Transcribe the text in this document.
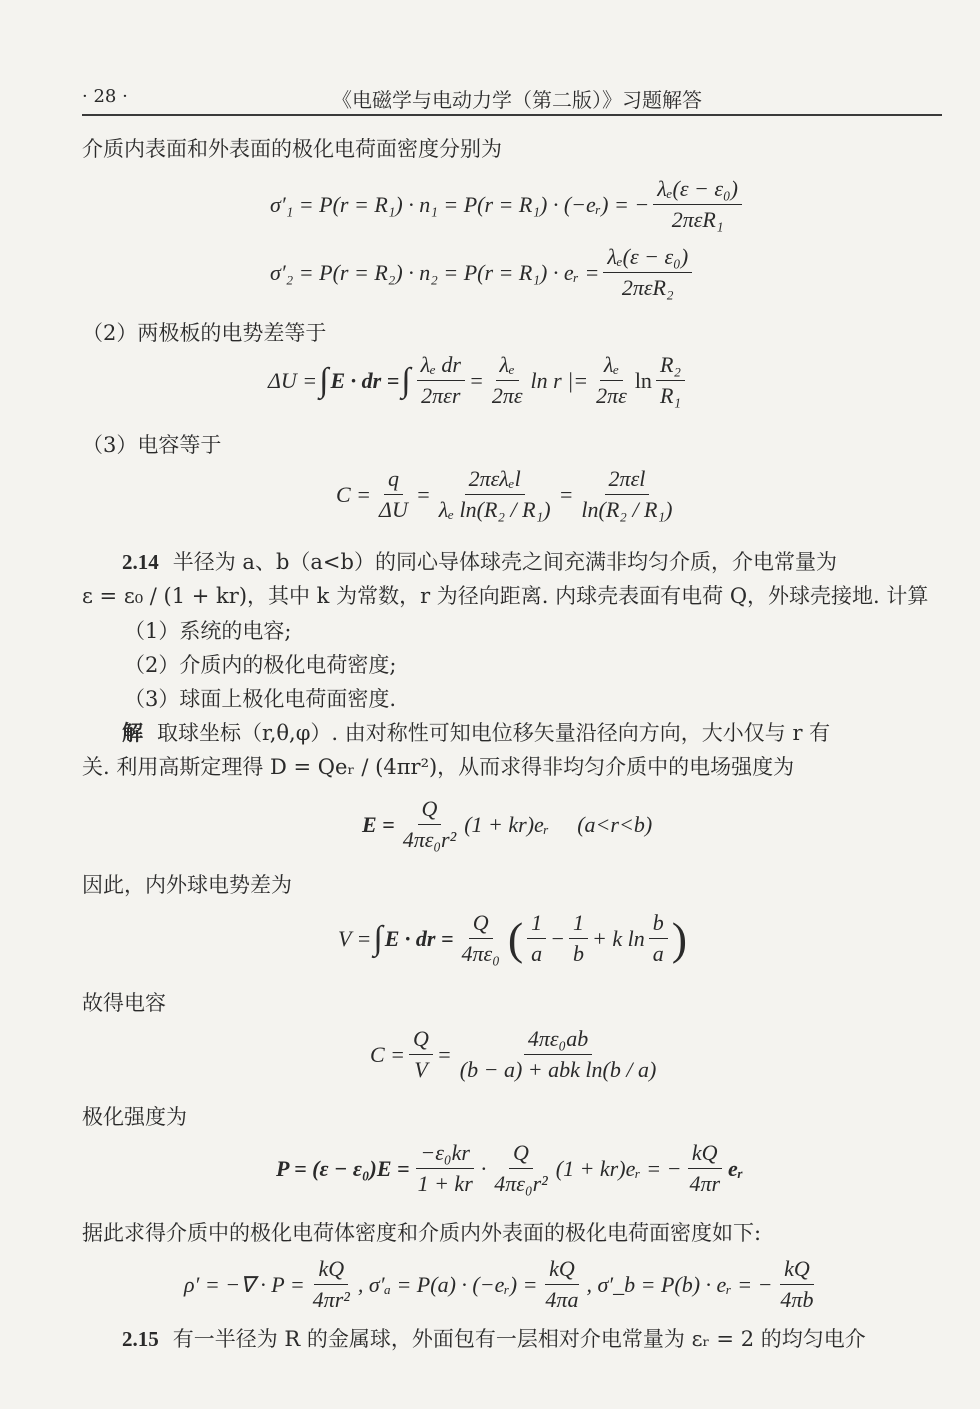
· 28 ·	《电磁学与电动力学（第二版）》习题解答
介质内表面和外表面的极化电荷面密度分别为
σ′₁ = P(r = R₁) · n₁ = P(r = R₁) · (−eᵣ) = − $\frac{\text{λₑ(ε − ε₀)}}{\text{2πεR₁}}$
σ′₂ = P(r = R₂) · n₂ = P(r = R₁) · eᵣ = $\frac{\text{λₑ(ε − ε₀)}}{\text{2πεR₂}}$
（2）两极板的电势差等于
ΔU = ∫ E · dr = ∫ $\frac{\text{λₑ dr}}{\text{2πεr}} = \frac{\text{λₑ}}{2\pi\varepsilon}$ ln r | = $\frac{\text{λₑ}}{2\pi\varepsilon}$ $\ln \frac{\text{R₂}}{\text{R₁}}$
（3）电容等于
$C = \frac{q}{\Delta U} = \frac{\text{2πελₑl}}{\text{λₑ ln(R₂ / R₁)}} = \frac{\text{2πεl}}{\text{ln(R₂ / R₁)}}$
2.14 半径为 a、b（a<b）的同心导体球壳之间充满非均匀介质，介电常量为
ε = ε₀ / (1 + kr)，其中 k 为常数，r 为径向距离. 内球壳表面有电荷 Q，外球壳接地. 计算
（1）系统的电容;
（2）介质内的极化电荷密度;
（3）球面上极化电荷面密度.
解 取球坐标（r,θ,φ）. 由对称性可知电位移矢量沿径向方向，大小仅与 r 有
关. 利用高斯定理得 D = Qeᵣ / (4πr²)，从而求得非均匀介质中的电场强度为
$E = \frac{Q}{\text{4πε₀r²}} (1$ + kr)eᵣ (a<r<b)
因此，内外球电势差为
V = ∫ E · dr = $\frac{Q}{\text{4πε₀}}$ ( $\frac{1}{a} - \frac{1}{b} + k$ $\ln \frac{b}{a}$ )
故得电容
$C = \frac{Q}{V} = \frac{\text{4πε₀ab}}{\text{(b − a) + abk ln(b / a)}}$
极化强度为
$P = (\varepsilon - \varepsilon_0)E = \frac{\text{−ε₀kr}}{1 + kr} \cdot \frac{Q}{\text{4πε₀r²}} (1$ + kr)eᵣ = − $\frac{kQ}{4\pi r}$ eᵣ
据此求得介质中的极化电荷体密度和介质内外表面的极化电荷面密度如下:
ρ′ = −∇ · $P = \frac{kQ}{\text{4πr²}}$ , σ′ₐ = P(a) · (−eᵣ) = $\frac{kQ}{4\pi a}$ , σ′_b = P(b) · eᵣ = − $\frac{kQ}{4\pi b}$
2.15 有一半径为 R 的金属球，外面包有一层相对介电常量为 εᵣ = 2 的均匀电介
